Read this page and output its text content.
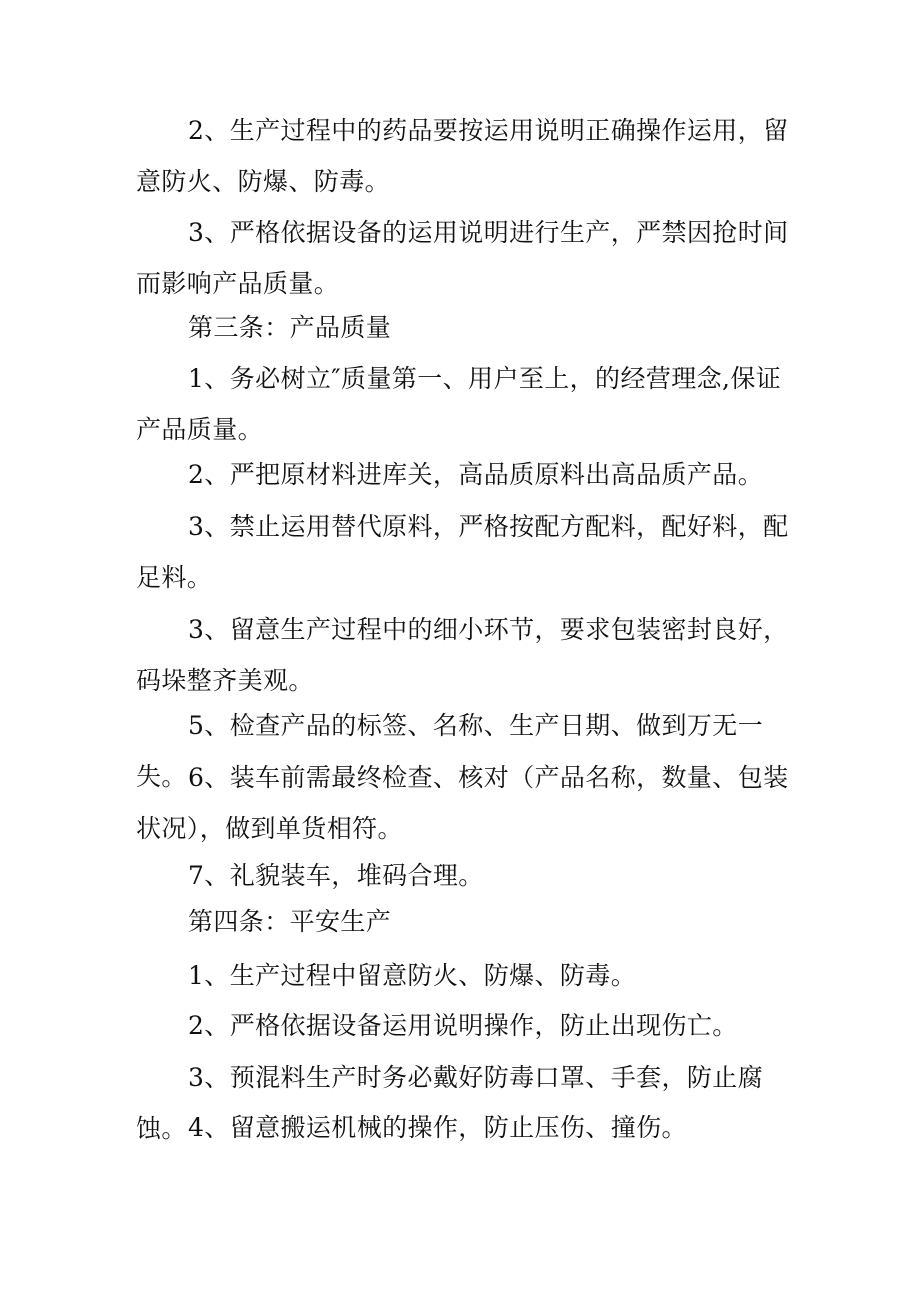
2、生产过程中的药品要按运用说明正确操作运用，留意防火、防爆、防毒。

3、严格依据设备的运用说明进行生产，严禁因抢时间而影响产品质量。

第三条：产品质量

1、务必树立″质量第一、用户至上，的经营理念,保证产品质量。

2、严把原材料进库关，高品质原料出高品质产品。

3、禁止运用替代原料，严格按配方配料，配好料，配足料。

3、留意生产过程中的细小环节，要求包装密封良好，码垛整齐美观。

5、检查产品的标签、名称、生产日期、做到万无一失。 6、装车前需最终检查、核对（产品名称，数量、包装状况），做到单货相符。

7、礼貌装车，堆码合理。

第四条：平安生产

1、生产过程中留意防火、防爆、防毒。

2、严格依据设备运用说明操作，防止出现伤亡。

3、预混料生产时务必戴好防毒口罩、手套，防止腐蚀。 4、留意搬运机械的操作，防止压伤、撞伤。
